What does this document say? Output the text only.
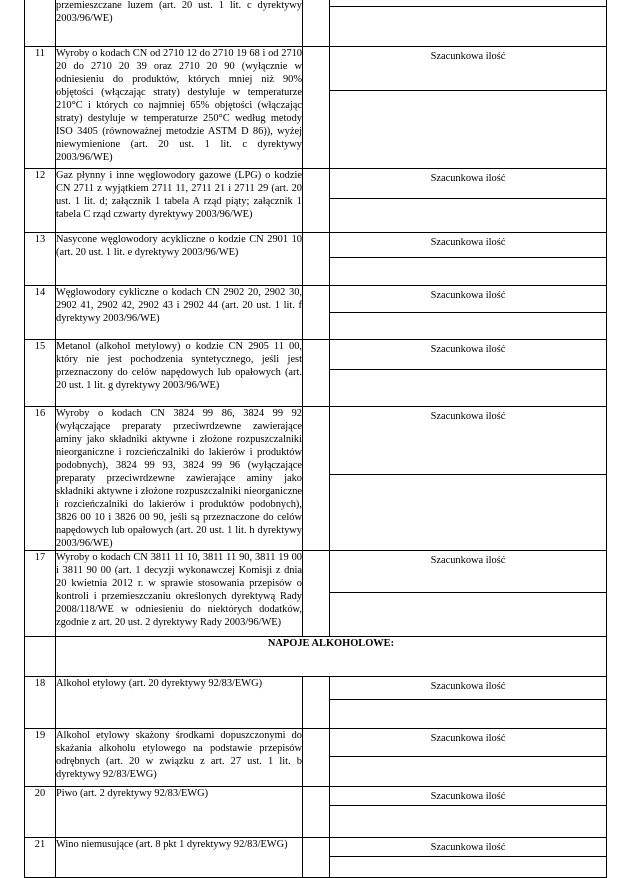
	przemieszczane luzem (art. 20 ust. 1 lit. c dyrektywy 2003/96/WE)		

11	Wyroby o kodach CN od 2710 12 do 2710 19 68 i od 2710 20 do 2710 20 39 oraz 2710 20 90 (wyłącznie w odniesieniu do produktów, których mniej niż 90% objętości (włączając straty) destyluje w temperaturze 210°C i których co najmniej 65% objętości (włączając straty) destyluje w temperaturze 250°C według metody ISO 3405 (równoważnej metodzie ASTM D 86)), wyżej niewymienione (art. 20 ust. 1 lit. c dyrektywy 2003/96/WE)		Szacunkowa ilość

12	Gaz płynny i inne węglowodory gazowe (LPG) o kodzie CN 2711 z wyjątkiem 2711 11, 2711 21 i 2711 29 (art. 20 ust. 1 lit. d; załącznik 1 tabela A rząd piąty; załącznik 1 tabela C rząd czwarty dyrektywy 2003/96/WE)		Szacunkowa ilość

13	Nasycone węglowodory acykliczne o kodzie CN 2901 10 (art. 20 ust. 1 lit. e dyrektywy 2003/96/WE)		Szacunkowa ilość

14	Węglowodory cykliczne o kodach CN 2902 20, 2902 30, 2902 41, 2902 42, 2902 43 i 2902 44 (art. 20 ust. 1 lit. f dyrektywy 2003/96/WE)		Szacunkowa ilość

15	Metanol (alkohol metylowy) o kodzie CN 2905 11 00, który nie jest pochodzenia syntetycznego, jeśli jest przeznaczony do celów napędowych lub opałowych (art. 20 ust. 1 lit. g dyrektywy 2003/96/WE)		Szacunkowa ilość

16	Wyroby o kodach CN 3824 99 86, 3824 99 92 (wyłączające preparaty przeciwrdzewne zawierające aminy jako składniki aktywne i złożone rozpuszczalniki nieorganiczne i rozcieńczalniki do lakierów i produktów podobnych), 3824 99 93, 3824 99 96 (wyłączające preparaty przeciwrdzewne zawierające aminy jako składniki aktywne i złożone rozpuszczalniki nieorganiczne i rozcieńczalniki do lakierów i produktów podobnych), 3826 00 10 i 3826 00 90, jeśli są przeznaczone do celów napędowych lub opałowych (art. 20 ust. 1 lit. h dyrektywy 2003/96/WE)		Szacunkowa ilość

17	Wyroby o kodach CN 3811 11 10, 3811 11 90, 3811 19 00 i 3811 90 00 (art. 1 decyzji wykonawczej Komisji z dnia 20 kwietnia 2012 r. w sprawie stosowania przepisów o kontroli i przemieszczaniu określonych dyrektywą Rady 2008/118/WE w odniesieniu do niektórych dodatków, zgodnie z art. 20 ust. 2 dyrektywy Rady 2003/96/WE)		Szacunkowa ilość

	NAPOJE ALKOHOLOWE:		
18	Alkohol etylowy (art. 20 dyrektywy 92/83/EWG)		Szacunkowa ilość

19	Alkohol etylowy skażony środkami dopuszczonymi do skażania alkoholu etylowego na podstawie przepisów odrębnych (art. 20 w związku z art. 27 ust. 1 lit. b dyrektywy 92/83/EWG)		Szacunkowa ilość

20	Piwo (art. 2 dyrektywy 92/83/EWG)		Szacunkowa ilość

21	Wino niemusujące (art. 8 pkt 1 dyrektywy 92/83/EWG)		Szacunkowa ilość
